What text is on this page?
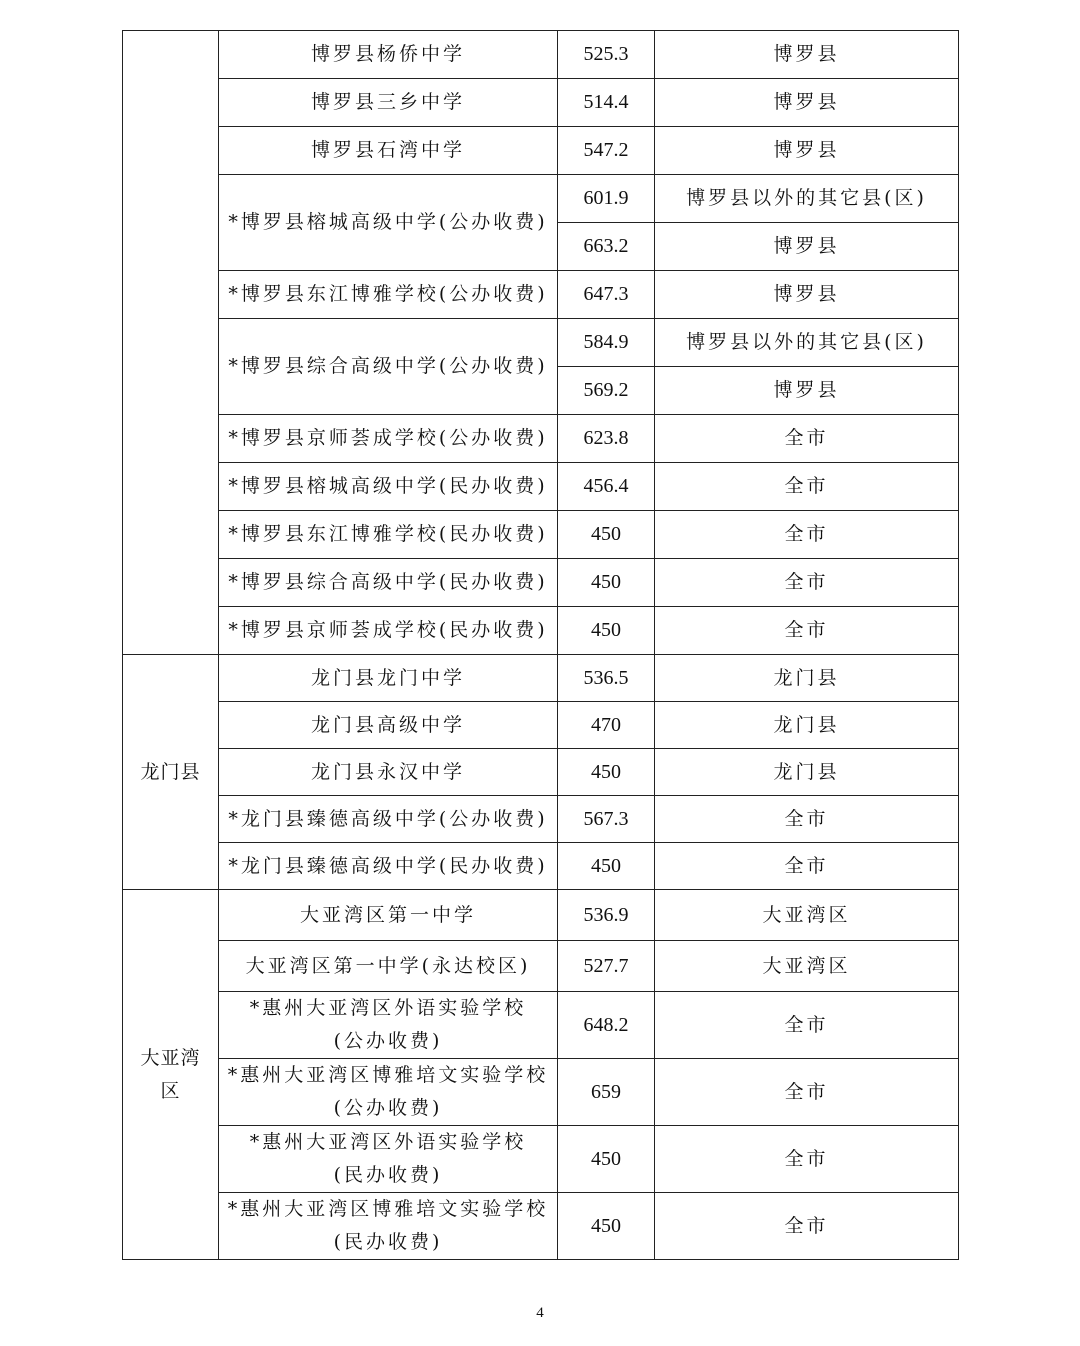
	博罗县杨侨中学	525.3	博罗县
	博罗县三乡中学	514.4	博罗县
	博罗县石湾中学	547.2	博罗县
	*博罗县榕城高级中学(公办收费)	601.9	博罗县以外的其它县(区)
		663.2	博罗县
	*博罗县东江博雅学校(公办收费)	647.3	博罗县
	*博罗县综合高级中学(公办收费)	584.9	博罗县以外的其它县(区)
		569.2	博罗县
	*博罗县京师荟成学校(公办收费)	623.8	全市
	*博罗县榕城高级中学(民办收费)	456.4	全市
	*博罗县东江博雅学校(民办收费)	450	全市
	*博罗县综合高级中学(民办收费)	450	全市
	*博罗县京师荟成学校(民办收费)	450	全市
龙门县	龙门县龙门中学	536.5	龙门县
	龙门县高级中学	470	龙门县
	龙门县永汉中学	450	龙门县
	*龙门县臻德高级中学(公办收费)	567.3	全市
	*龙门县臻德高级中学(民办收费)	450	全市
大亚湾区	大亚湾区第一中学	536.9	大亚湾区
	大亚湾区第一中学(永达校区)	527.7	大亚湾区
	*惠州大亚湾区外语实验学校(公办收费)	648.2	全市
	*惠州大亚湾区博雅培文实验学校(公办收费)	659	全市
	*惠州大亚湾区外语实验学校(民办收费)	450	全市
	*惠州大亚湾区博雅培文实验学校(民办收费)	450	全市
4
